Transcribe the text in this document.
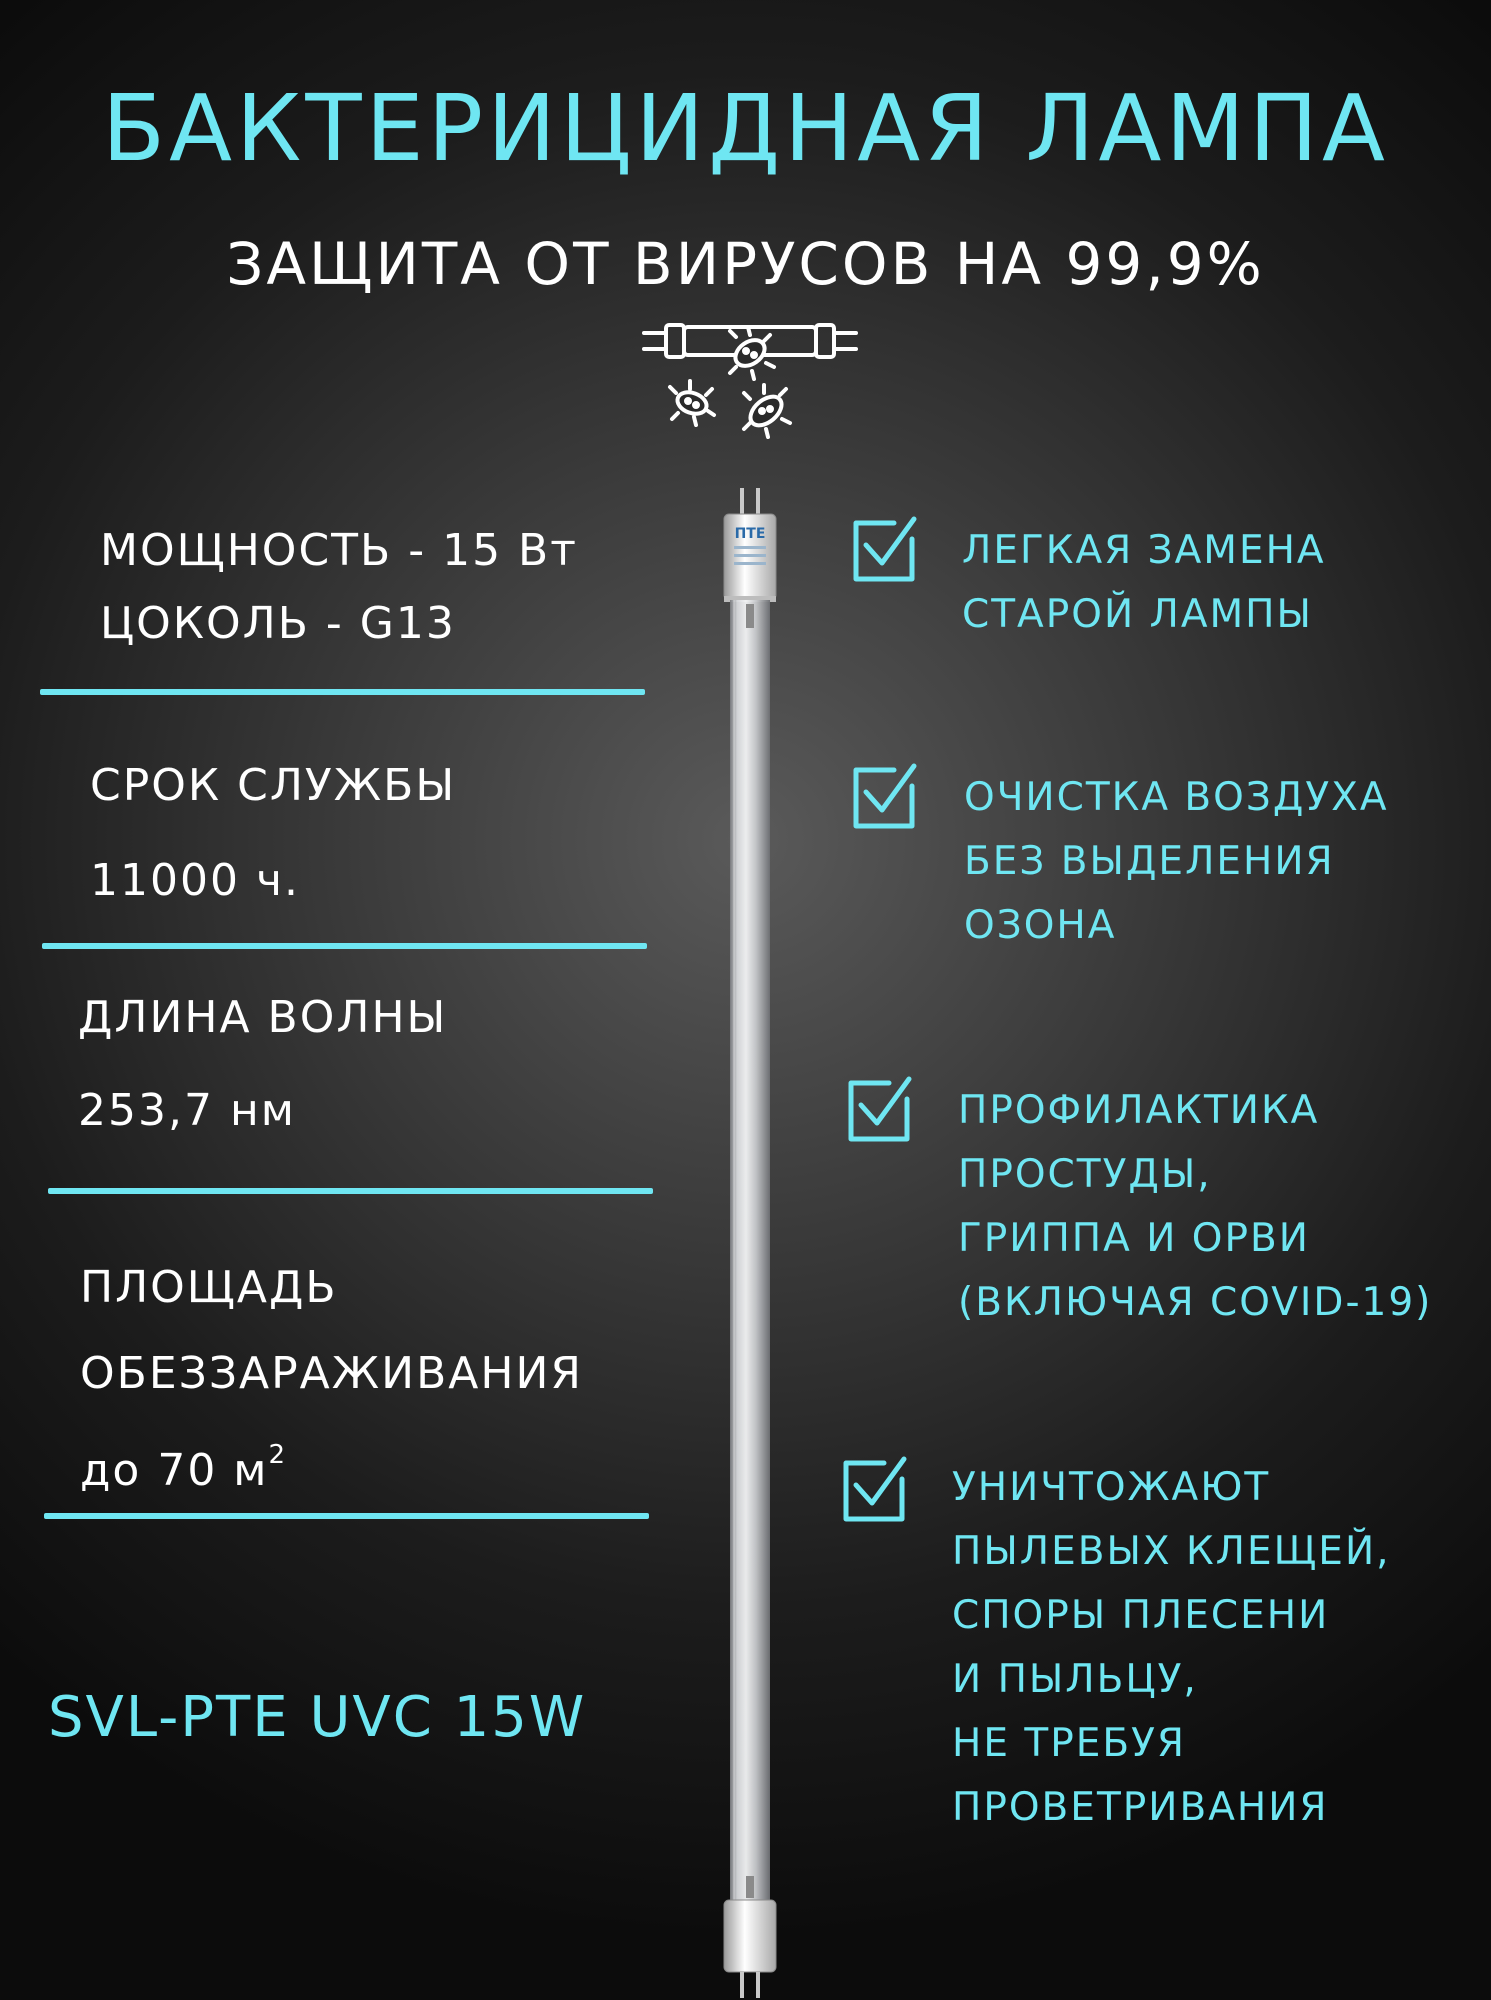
БАКТЕРИЦИДНАЯ ЛАМПА
ЗАЩИТА ОТ ВИРУСОВ НА 99,9%
ПТЕ
МОЩНОСТЬ - 15 Вт
ЦОКОЛЬ - G13
СРОК СЛУЖБЫ
11000 ч.
ДЛИНА ВОЛНЫ
253,7 нм
ПЛОЩАДЬ
ОБЕЗЗАРАЖИВАНИЯ
до 70 $м^2$
SVL-PTE UVC 15W
ЛЕГКАЯ ЗАМЕНА
СТАРОЙ ЛАМПЫ
ОЧИСТКА ВОЗДУХА
БЕЗ ВЫДЕЛЕНИЯ
ОЗОНА
ПРОФИЛАКТИКА
ПРОСТУДЫ,
ГРИППА И ОРВИ
(ВКЛЮЧАЯ COVID-19)
УНИЧТОЖАЮТ
ПЫЛЕВЫХ КЛЕЩЕЙ,
СПОРЫ ПЛЕСЕНИ
И ПЫЛЬЦУ,
НЕ ТРЕБУЯ
ПРОВЕТРИВАНИЯ
